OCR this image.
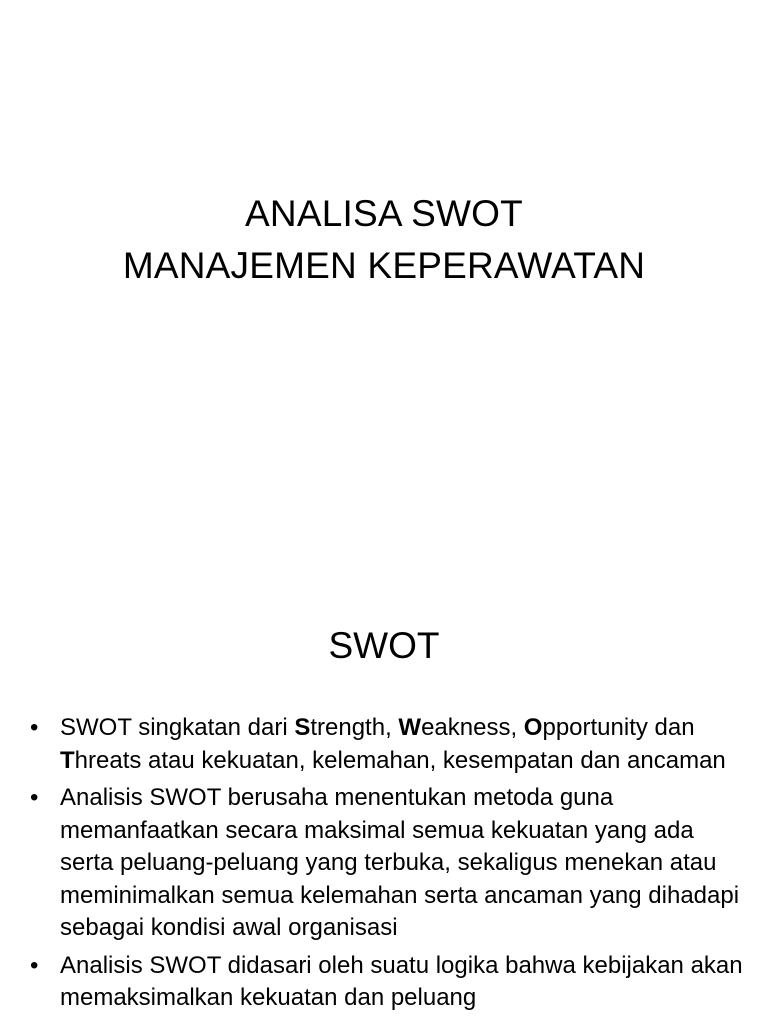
ANALISA SWOT
MANAJEMEN KEPERAWATAN
SWOT
• SWOT singkatan dari Strength, Weakness, Opportunity dan Threats atau kekuatan, kelemahan, kesempatan dan ancaman
• Analisis SWOT berusaha menentukan metoda guna memanfaatkan secara maksimal semua kekuatan yang ada serta peluang-peluang yang terbuka, sekaligus menekan atau meminimalkan semua kelemahan serta ancaman yang dihadapi sebagai kondisi awal organisasi
• Analisis SWOT didasari oleh suatu logika bahwa kebijakan akan memaksimalkan kekuatan dan peluang
